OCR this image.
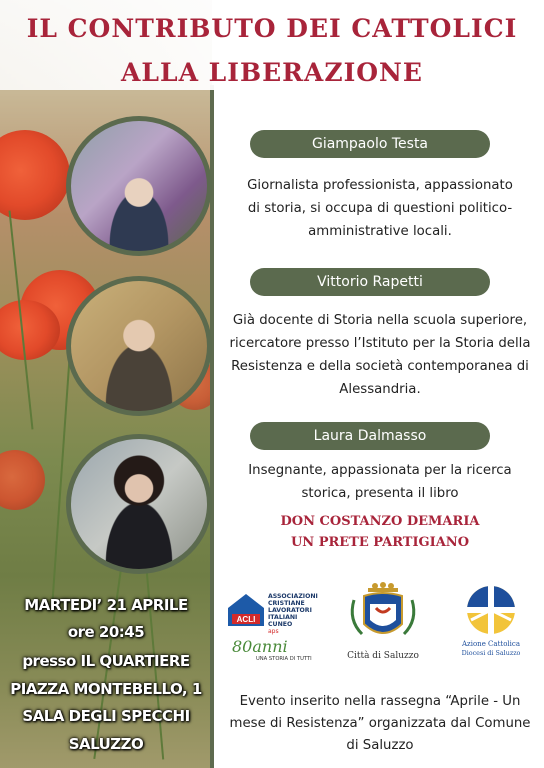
IL CONTRIBUTO DEI CATTOLICI
ALLA LIBERAZIONE
Giampaolo Testa
Giornalista professionista, appassionato
di storia, si occupa di questioni politico-
amministrative locali.
Vittorio Rapetti
Già docente di Storia nella scuola superiore,
ricercatore presso l’Istituto per la Storia della
Resistenza e della società contemporanea di
Alessandria.
Laura Dalmasso
Insegnante, appassionata per la ricerca
storica, presenta il libro
DON COSTANZO DEMARIA
UN PRETE PARTIGIANO
MARTEDI’ 21 APRILE
ore 20:45
presso IL QUARTIERE
PIAZZA MONTEBELLO, 1
SALA DEGLI SPECCHI
SALUZZO
ACLI
ASSOCIAZIONI
CRISTIANE
LAVORATORI
ITALIANI
CUNEO
aps
80anni
UNA STORIA DI TUTTI	Città di Saluzzo
Azione Cattolica
Diocesi di Saluzzo
Evento inserito nella rassegna “Aprile - Un
mese di Resistenza” organizzata dal Comune
di Saluzzo
